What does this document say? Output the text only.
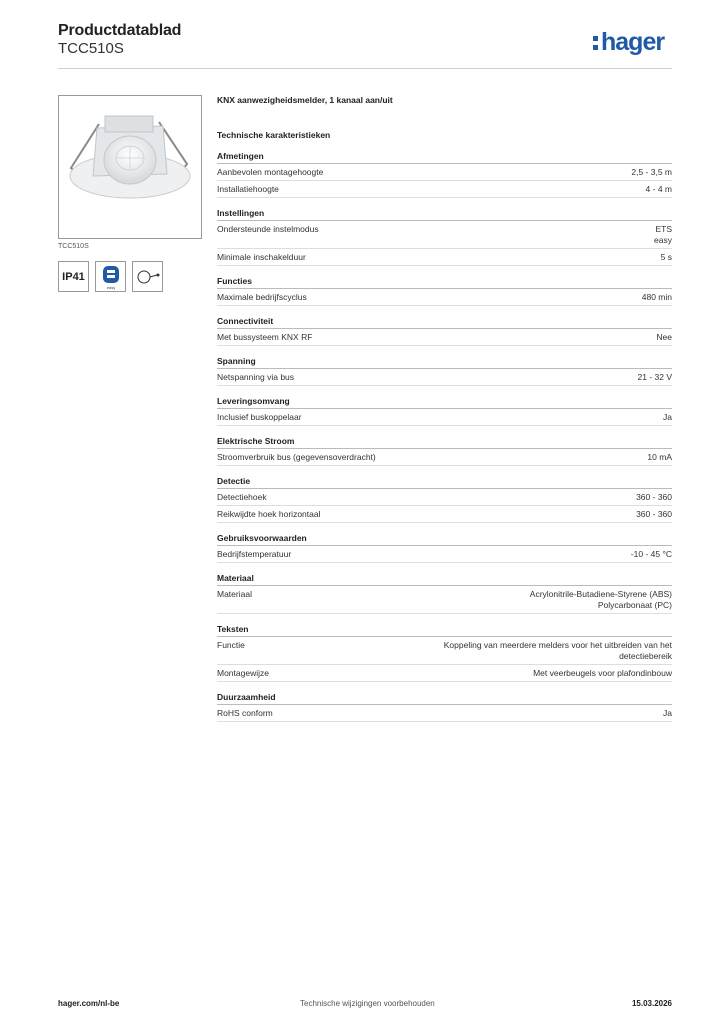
Productdatablad
TCC510S	hager
TCC510S
IP41
easy
KNX aanwezigheidsmelder, 1 kanaal aan/uit
Technische karakteristieken
Afmetingen
Aanbevolen montagehoogte	2,5 - 3,5 m
Installatiehoogte	4 - 4 m
Instellingen
Ondersteunde instelmodus	ETS
easy
Minimale inschakelduur	5 s
Functies
Maximale bedrijfscyclus	480 min
Connectiviteit
Met bussysteem KNX RF	Nee
Spanning
Netspanning via bus	21 - 32 V
Leveringsomvang
Inclusief buskoppelaar	Ja
Elektrische Stroom
Stroomverbruik bus (gegevensoverdracht)	10 mA
Detectie
Detectiehoek	360 - 360
Reikwijdte hoek horizontaal	360 - 360
Gebruiksvoorwaarden
Bedrijfstemperatuur	-10 - 45 °C
Materiaal
Materiaal	Acrylonitrile-Butadiene-Styrene (ABS)
Polycarbonaat (PC)
Teksten
Functie	Koppeling van meerdere melders voor het uitbreiden van het detectiebereik
Montagewijze	Met veerbeugels voor plafondinbouw
Duurzaamheid
RoHS conform	Ja
hager.com/nl-be	Technische wijzigingen voorbehouden	15.03.2026
